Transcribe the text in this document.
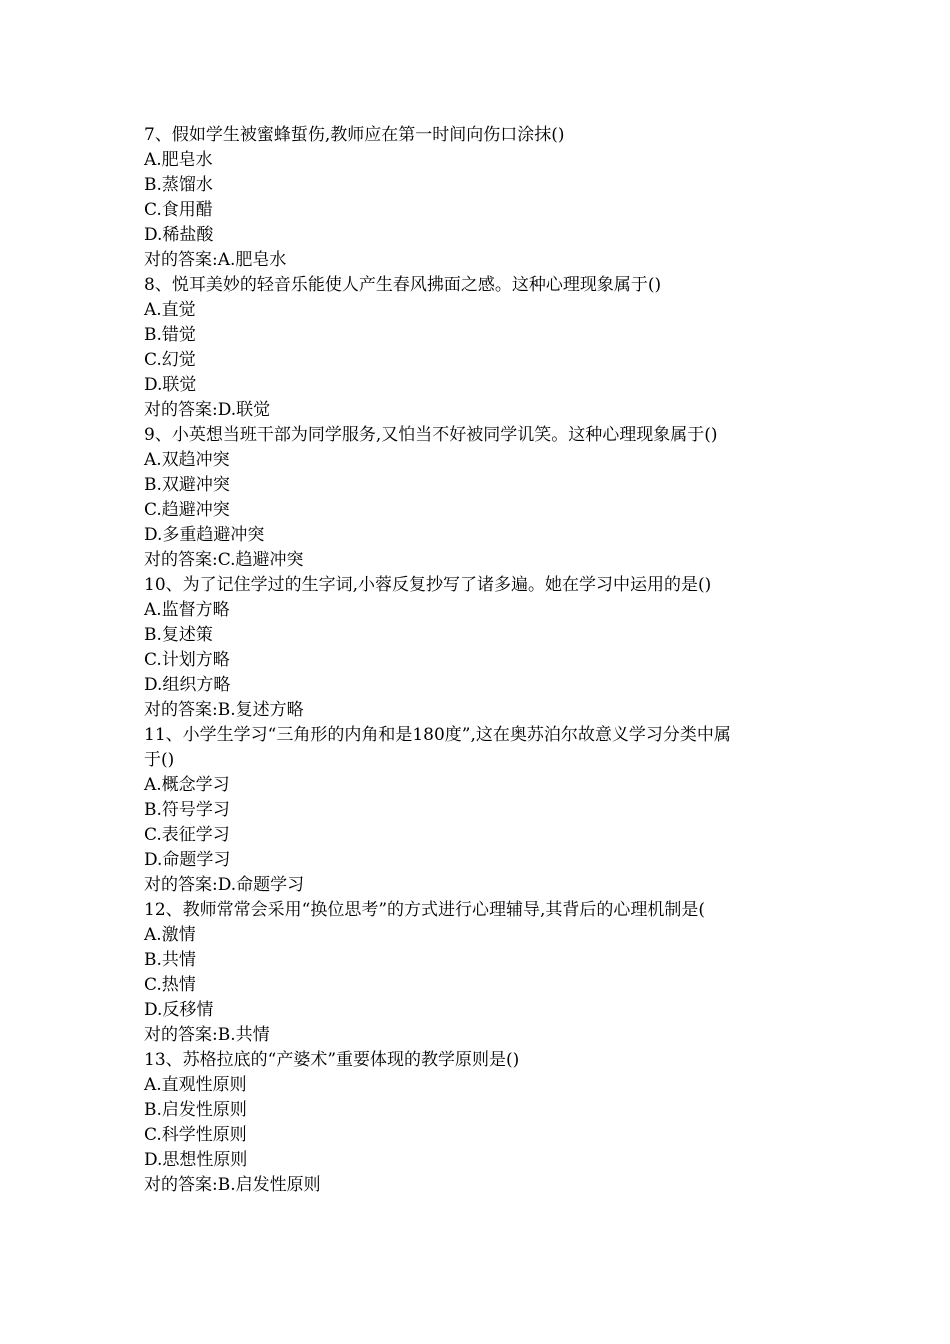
7、假如学生被蜜蜂蜇伤,教师应在第一时间向伤口涂抹()
A.肥皂水
B.蒸馏水
C.食用醋
D.稀盐酸
对的答案:A.肥皂水
8、悦耳美妙的轻音乐能使人产生春风拂面之感。这种心理现象属于()
A.直觉
B.错觉
C.幻觉
D.联觉
对的答案:D.联觉
9、小英想当班干部为同学服务,又怕当不好被同学讥笑。这种心理现象属于()
A.双趋冲突
B.双避冲突
C.趋避冲突
D.多重趋避冲突
对的答案:C.趋避冲突
10、为了记住学过的生字词,小蓉反复抄写了诸多遍。她在学习中运用的是()
A.监督方略
B.复述策
C.计划方略
D.组织方略
对的答案:B.复述方略
11、小学生学习“三角形的内角和是180度”,这在奥苏泊尔故意义学习分类中属
于()
A.概念学习
B.符号学习
C.表征学习
D.命题学习
对的答案:D.命题学习
12、教师常常会采用“换位思考”的方式进行心理辅导,其背后的心理机制是(
A.激情
B.共情
C.热情
D.反移情
对的答案:B.共情
13、苏格拉底的“产婆术”重要体现的教学原则是()
A.直观性原则
B.启发性原则
C.科学性原则
D.思想性原则
对的答案:B.启发性原则
